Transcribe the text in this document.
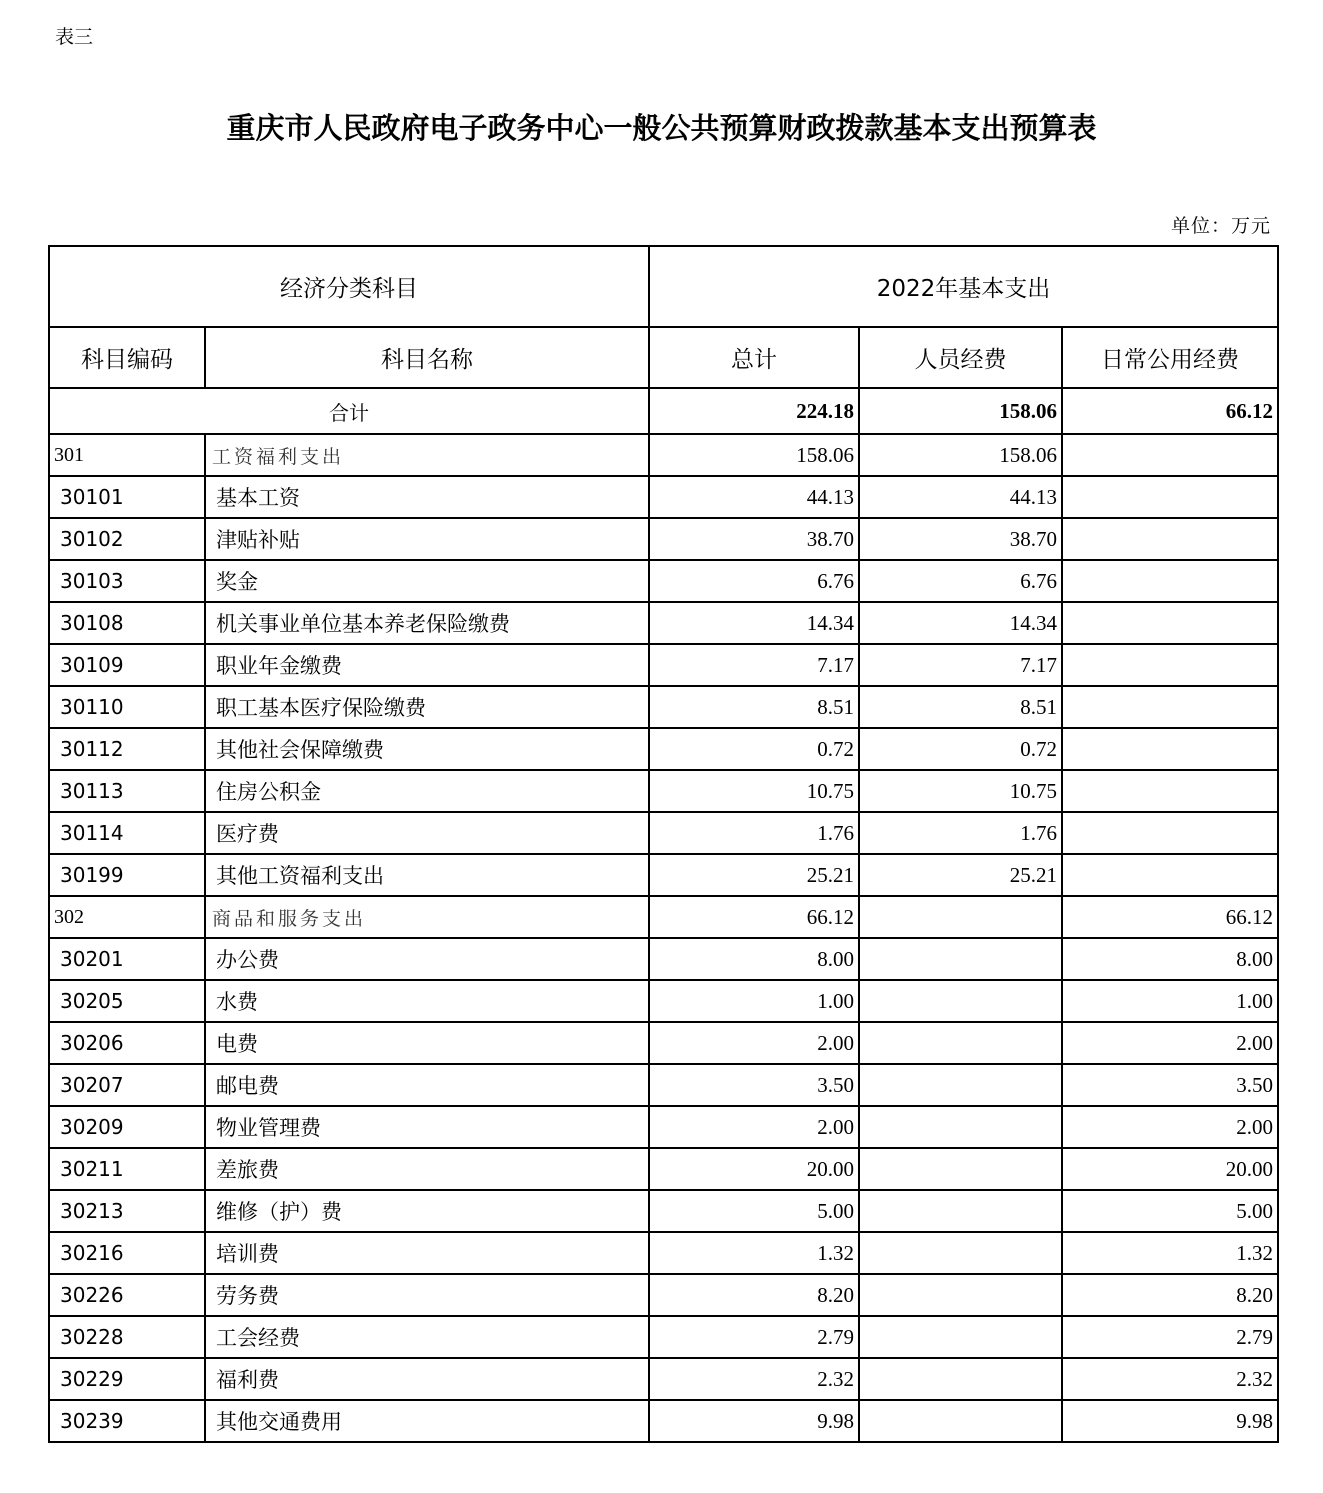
表三
重庆市人民政府电子政务中心一般公共预算财政拨款基本支出预算表
单位：万元
经济分类科目		2022年基本支出		
科目编码	科目名称	总计	人员经费	日常公用经费
合计		224.18	158.06	66.12
301	工资福利支出	158.06	158.06	
30101	基本工资	44.13	44.13	
30102	津贴补贴	38.70	38.70	
30103	奖金	6.76	6.76	
30108	机关事业单位基本养老保险缴费	14.34	14.34	
30109	职业年金缴费	7.17	7.17	
30110	职工基本医疗保险缴费	8.51	8.51	
30112	其他社会保障缴费	0.72	0.72	
30113	住房公积金	10.75	10.75	
30114	医疗费	1.76	1.76	
30199	其他工资福利支出	25.21	25.21	
302	商品和服务支出	66.12		66.12
30201	办公费	8.00		8.00
30205	水费	1.00		1.00
30206	电费	2.00		2.00
30207	邮电费	3.50		3.50
30209	物业管理费	2.00		2.00
30211	差旅费	20.00		20.00
30213	维修（护）费	5.00		5.00
30216	培训费	1.32		1.32
30226	劳务费	8.20		8.20
30228	工会经费	2.79		2.79
30229	福利费	2.32		2.32
30239	其他交通费用	9.98		9.98
